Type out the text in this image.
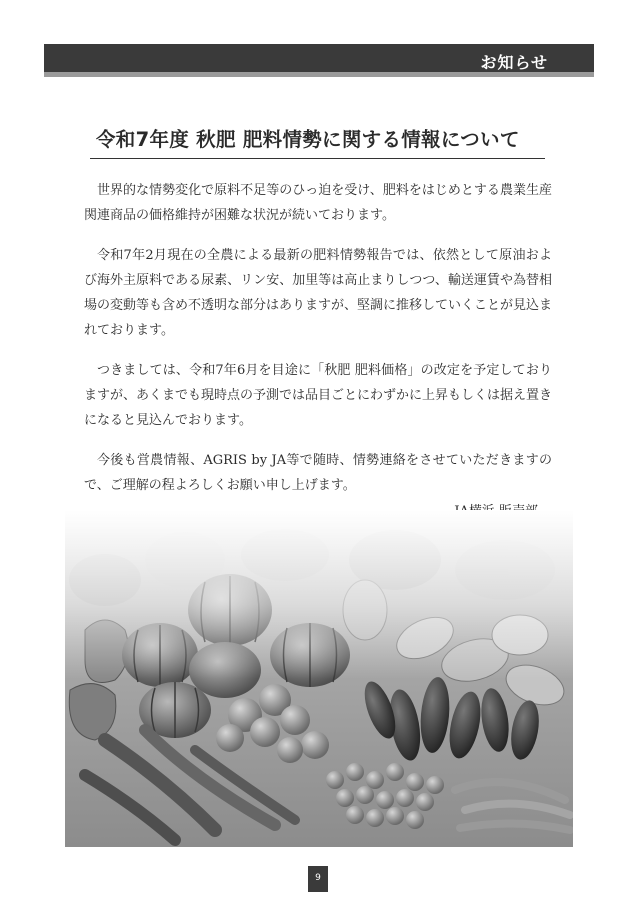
お知らせ
令和7年度 秋肥 肥料情勢に関する情報について

世界的な情勢変化で原料不足等のひっ迫を受け、肥料をはじめとする農業生産関連商品の価格維持が困難な状況が続いております。

令和7年2月現在の全農による最新の肥料情勢報告では、依然として原油および海外主原料である尿素、リン安、加里等は高止まりしつつ、輸送運賃や為替相場の変動等も含め不透明な部分はありますが、堅調に推移していくことが見込まれております。

つきましては、令和7年6月を目途に「秋肥 肥料価格」の改定を予定しておりますが、あくまでも現時点の予測では品目ごとにわずかに上昇もしくは据え置きになると見込んでおります。

今後も営農情報、AGRIS by JA等で随時、情勢連絡をさせていただきますので、ご理解の程よろしくお願い申し上げます。

9
